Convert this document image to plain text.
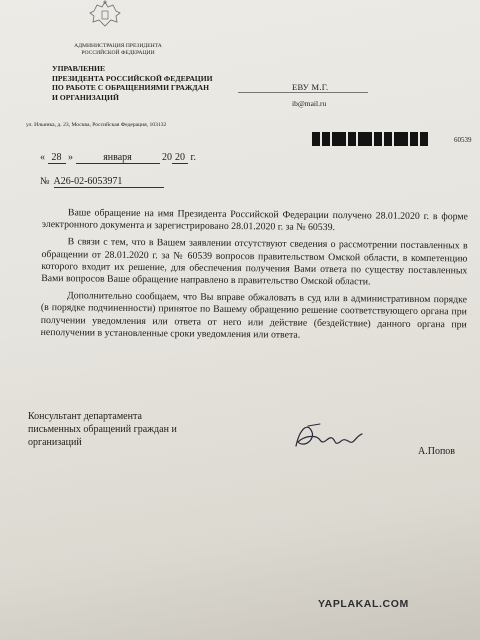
АДМИНИСТРАЦИЯ ПРЕЗИДЕНТА
РОССИЙСКОЙ ФЕДЕРАЦИИ
УПРАВЛЕНИЕ
ПРЕЗИДЕНТА РОССИЙСКОЙ ФЕДЕРАЦИИ
ПО РАБОТЕ С ОБРАЩЕНИЯМИ ГРАЖДАН
И ОРГАНИЗАЦИЙ
ул. Ильинка, д. 23, Москва, Российская Федерация, 103132
ЕВУ М.Г.
ib@mail.ru
60539
« 28 »	января	20 20 г.
№ А26-02-6053971

Ваше обращение на имя Президента Российской Федерации получено 28.01.2020 г. в форме электронного документа и зарегистрировано 28.01.2020 г. за № 60539.

В связи с тем, что в Вашем заявлении отсутствуют сведения о рассмотрении поставленных в обращении от 28.01.2020 г. за № 60539 вопросов правительством Омской области, в компетенцию которого входит их решение, для обеспечения получения Вами ответа по существу поставленных Вами вопросов Ваше обращение направлено в правительство Омской области.

Дополнительно сообщаем, что Вы вправе обжаловать в суд или в административном порядке (в порядке подчиненности) принятое по Вашему обращению решение соответствующего органа при получении уведомления или ответа от него или действие (бездействие) данного органа при неполучении в установленные сроки уведомления или ответа.

Консультант департамента
письменных обращений граждан и
организаций
А.Попов
YAPLAKAL.COM
